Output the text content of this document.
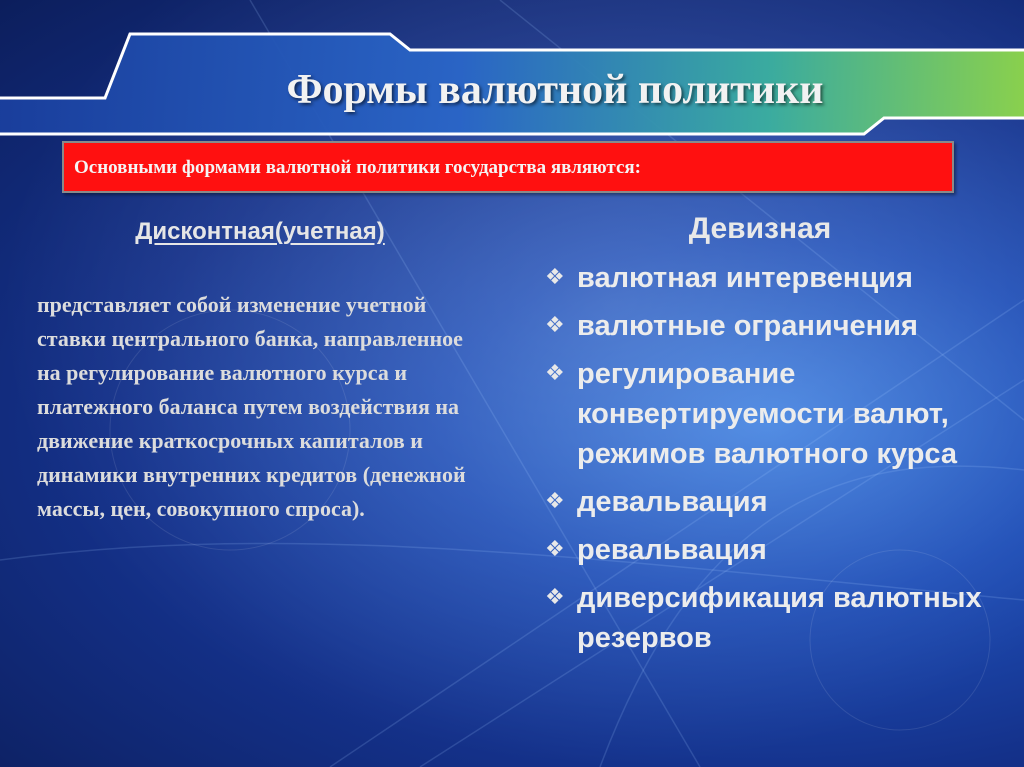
Формы валютной политики
Основными формами валютной политики государства являются:
Дисконтная(учетная)
представляет собой изменение учетной ставки центрального банка, направленное на регулирование валютного курса и платежного баланса путем воздействия на движение краткосрочных капиталов и динамики внутренних кредитов (денежной массы, цен, совокупного спроса).
Девизная
❖ валютная интервенция
❖ валютные ограничения
❖ регулирование конвертируемости валют, режимов валютного курса
❖ девальвация
❖ ревальвация
❖ диверсификация валютных резервов
